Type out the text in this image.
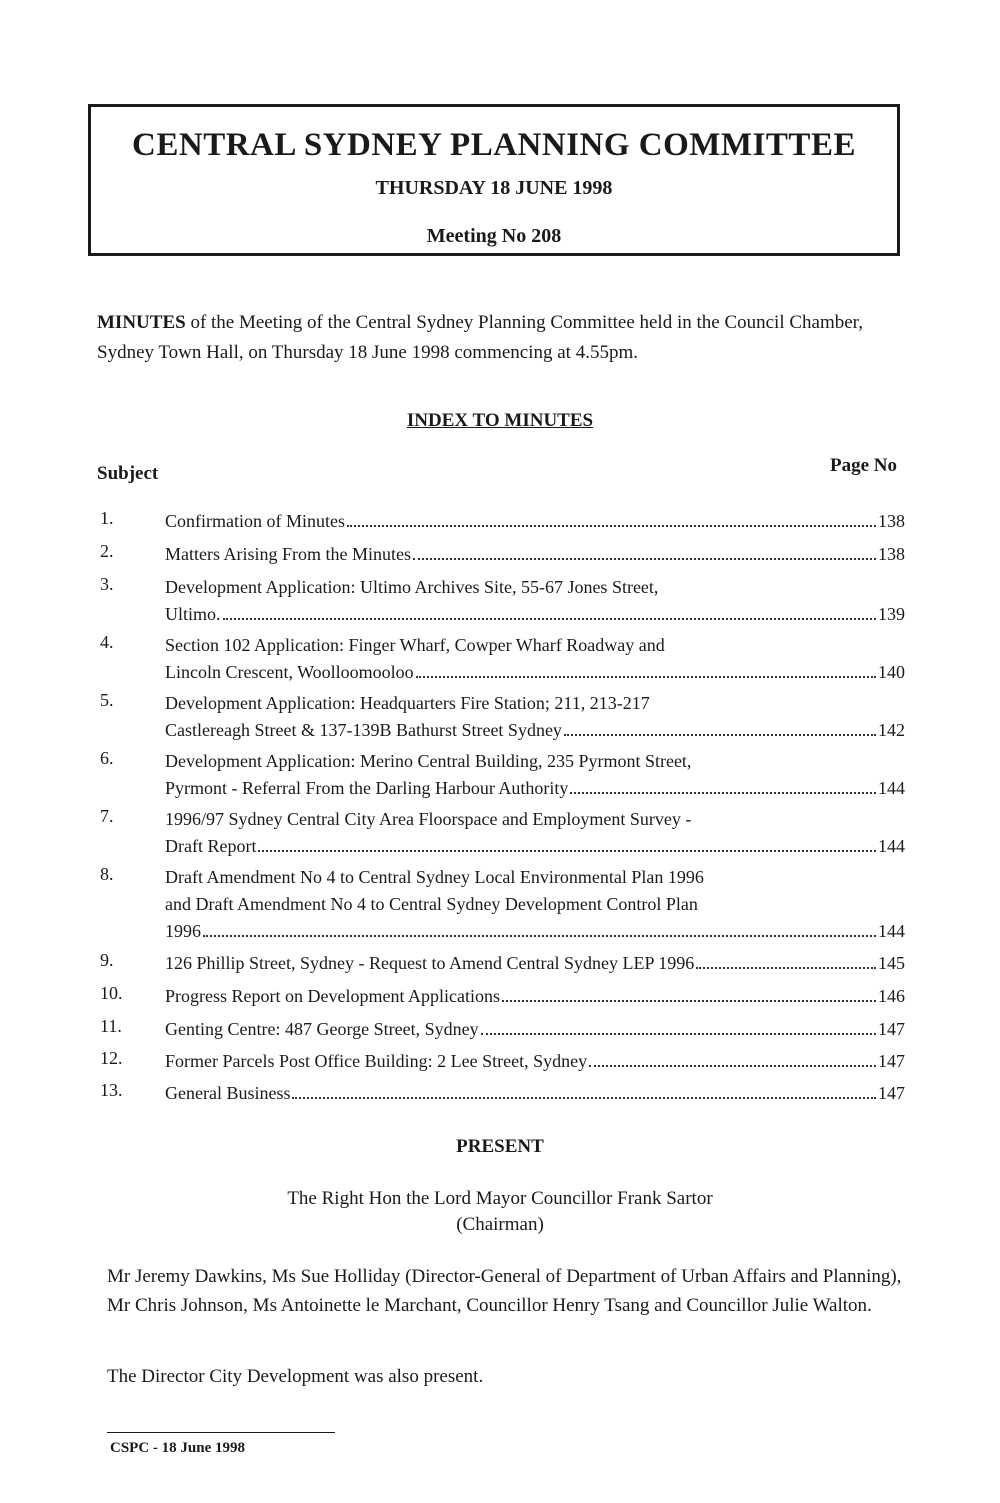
CENTRAL SYDNEY PLANNING COMMITTEE
THURSDAY 18 JUNE 1998
Meeting No 208
MINUTES of the Meeting of the Central Sydney Planning Committee held in the Council Chamber, Sydney Town Hall, on Thursday 18 June 1998 commencing at 4.55pm.
INDEX TO MINUTES
Subject	Page No
1.	Confirmation of Minutes	138
2.	Matters Arising From the Minutes	138
3.	Development Application: Ultimo Archives Site, 55-67 Jones Street,
Ultimo.	139
4.	Section 102 Application: Finger Wharf, Cowper Wharf Roadway and
Lincoln Crescent, Woolloomooloo	140
5.	Development Application: Headquarters Fire Station; 211, 213-217
Castlereagh Street & 137-139B Bathurst Street Sydney	142
6.	Development Application: Merino Central Building, 235 Pyrmont Street,
Pyrmont - Referral From the Darling Harbour Authority	144
7.	1996/97 Sydney Central City Area Floorspace and Employment Survey -
Draft Report	144
8.	Draft Amendment No 4 to Central Sydney Local Environmental Plan 1996
and Draft Amendment No 4 to Central Sydney Development Control Plan
1996	144
9.	126 Phillip Street, Sydney - Request to Amend Central Sydney LEP 1996	145
10. Progress Report on Development Applications	146
11. Genting Centre: 487 George Street, Sydney	147
12. Former Parcels Post Office Building: 2 Lee Street, Sydney	147
13. General Business	147
PRESENT
The Right Hon the Lord Mayor Councillor Frank Sartor
(Chairman)
Mr Jeremy Dawkins, Ms Sue Holliday (Director-General of Department of Urban Affairs and Planning), Mr Chris Johnson, Ms Antoinette le Marchant, Councillor Henry Tsang and Councillor Julie Walton.
The Director City Development was also present.
CSPC - 18 June 1998
